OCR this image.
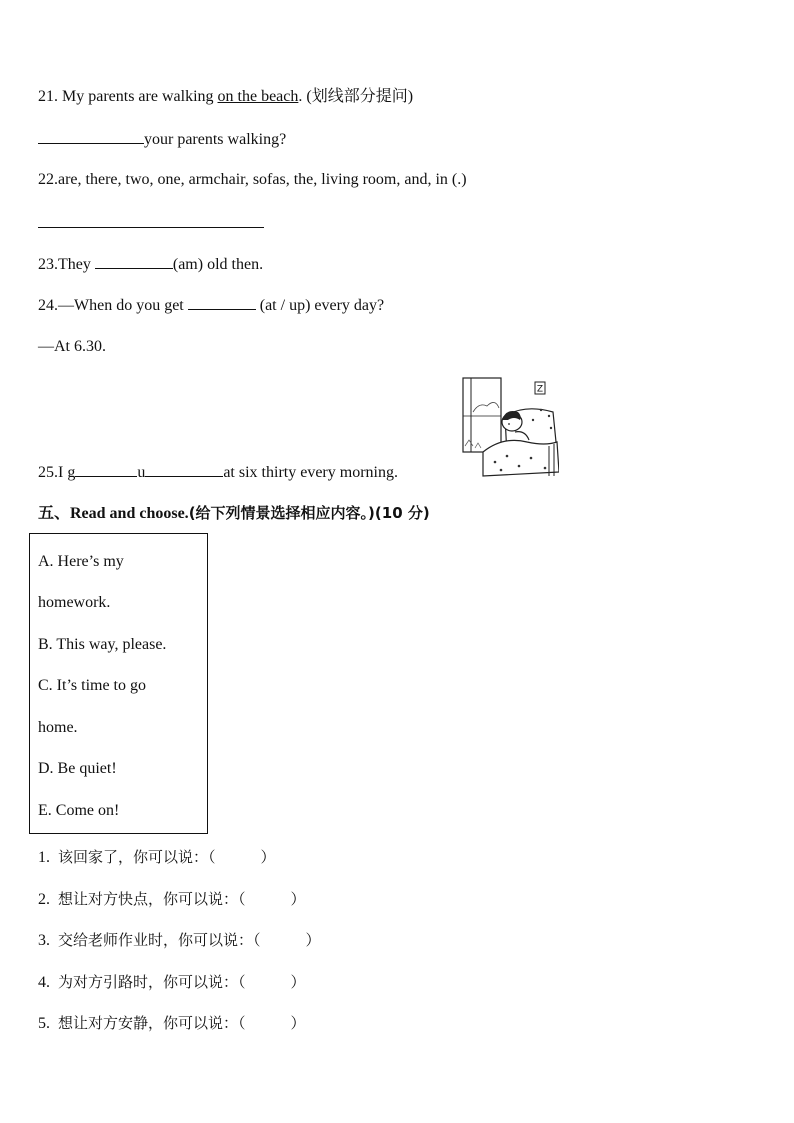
21. My parents are walking on the beach. (划线部分提问)
your parents walking?
22.are, there, two, one, armchair, sofas, the, living room, and, in (.)
23.They	(am) old then.
24.—When do you get	(at / up) every day?
—At 6.30.
Z
25.I g	u	at six thirty every morning.
五、Read and choose.(给下列情景选择相应内容。)(10 分)
A. Here’s my
homework.
B. This way, please.
C. It’s time to go
home.
D. Be quiet!
E. Come on!
1. 该回家了，你可以说：（　　　）
2. 想让对方快点，你可以说：（　　　）
3. 交给老师作业时，你可以说：（　　　）
4. 为对方引路时，你可以说：（　　　）
5. 想让对方安静，你可以说：（　　　）
